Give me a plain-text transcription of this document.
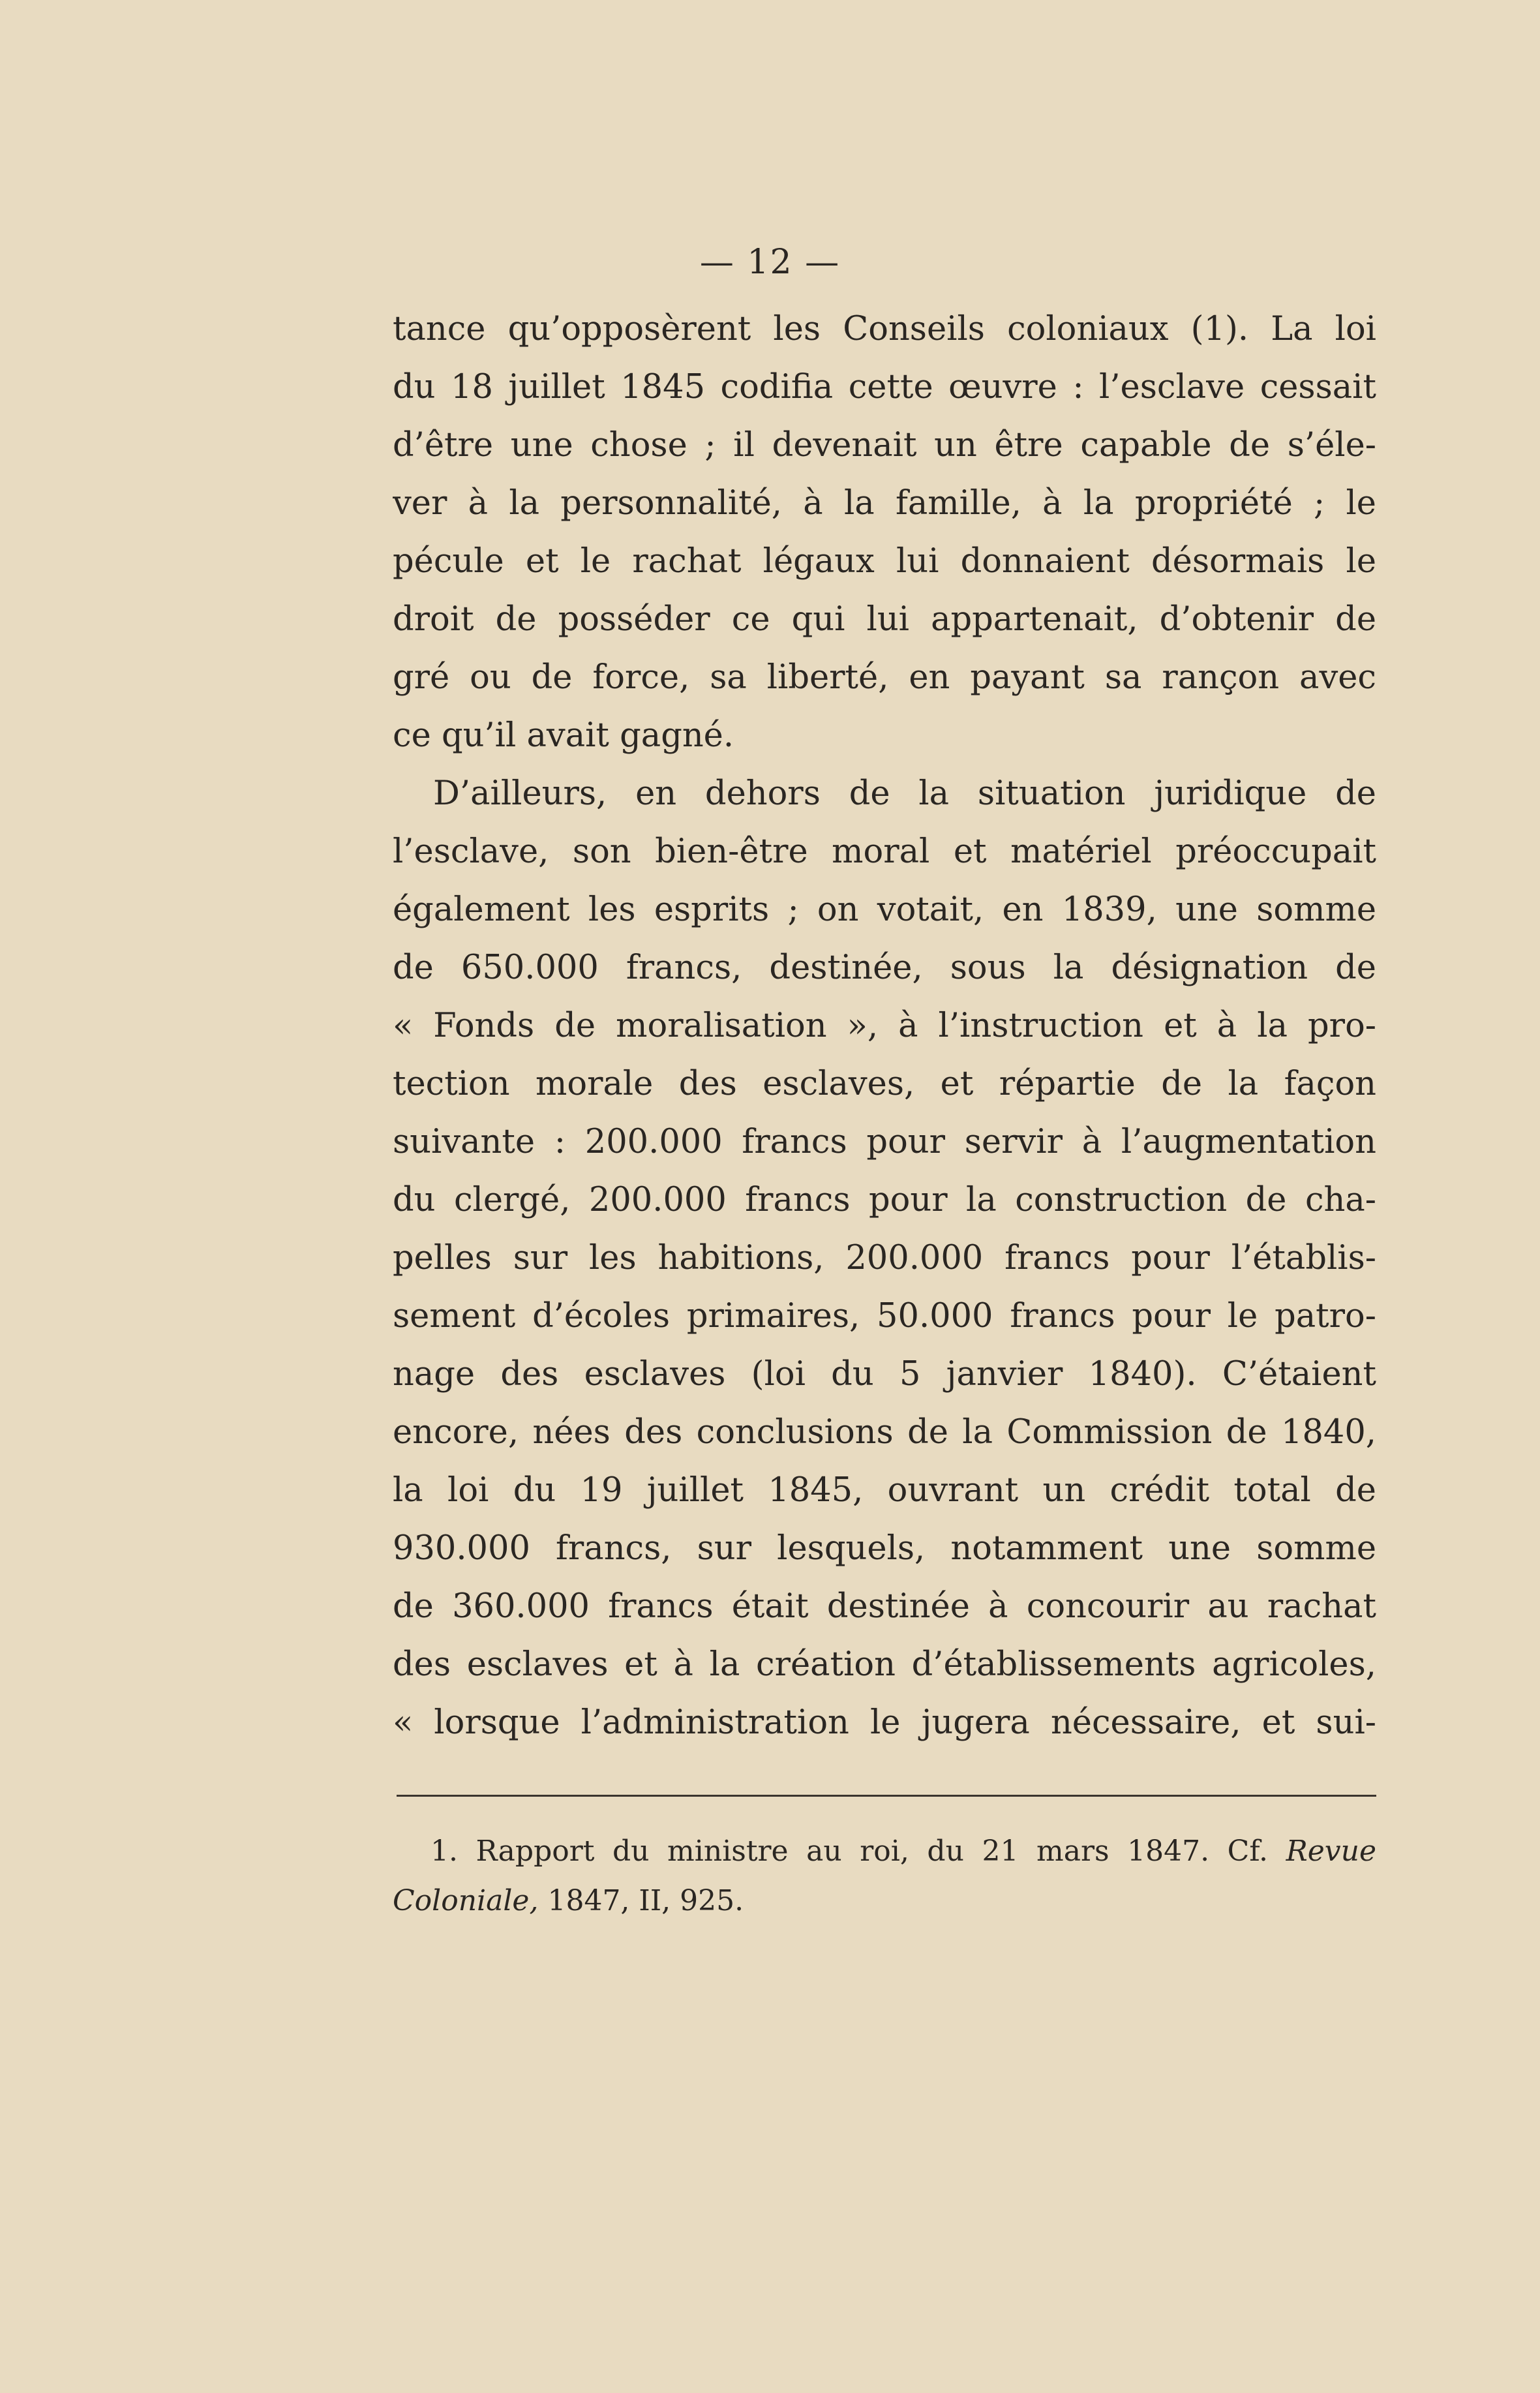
— 12 —
tance qu’opposèrent les Conseils coloniaux (1). La loi
du 18 juillet 1845 codifia cette œuvre : l’esclave cessait
d’être une chose ; il devenait un être capable de s’éle-
ver à la personnalité, à la famille, à la propriété ; le
pécule et le rachat légaux lui donnaient désormais le
droit de posséder ce qui lui appartenait, d’obtenir de
gré ou de force, sa liberté, en payant sa rançon avec
ce qu’il avait gagné.
D’ailleurs, en dehors de la situation juridique de
l’esclave, son bien-être moral et matériel préoccupait
également les esprits ; on votait, en 1839, une somme
de 650.000 francs, destinée, sous la désignation de
« Fonds de moralisation », à l’instruction et à la pro-
tection morale des esclaves, et répartie de la façon
suivante : 200.000 francs pour servir à l’augmentation
du clergé, 200.000 francs pour la construction de cha-
pelles sur les habitions, 200.000 francs pour l’établis-
sement d’écoles primaires, 50.000 francs pour le patro-
nage des esclaves (loi du 5 janvier 1840). C’étaient
encore, nées des conclusions de la Commission de 1840,
la loi du 19 juillet 1845, ouvrant un crédit total de
930.000 francs, sur lesquels, notamment une somme
de 360.000 francs était destinée à concourir au rachat
des esclaves et à la création d’établissements agricoles,
« lorsque l’administration le jugera nécessaire, et sui-
1. Rapport du ministre au roi, du 21 mars 1847. Cf. Revue
Coloniale, 1847, II, 925.
